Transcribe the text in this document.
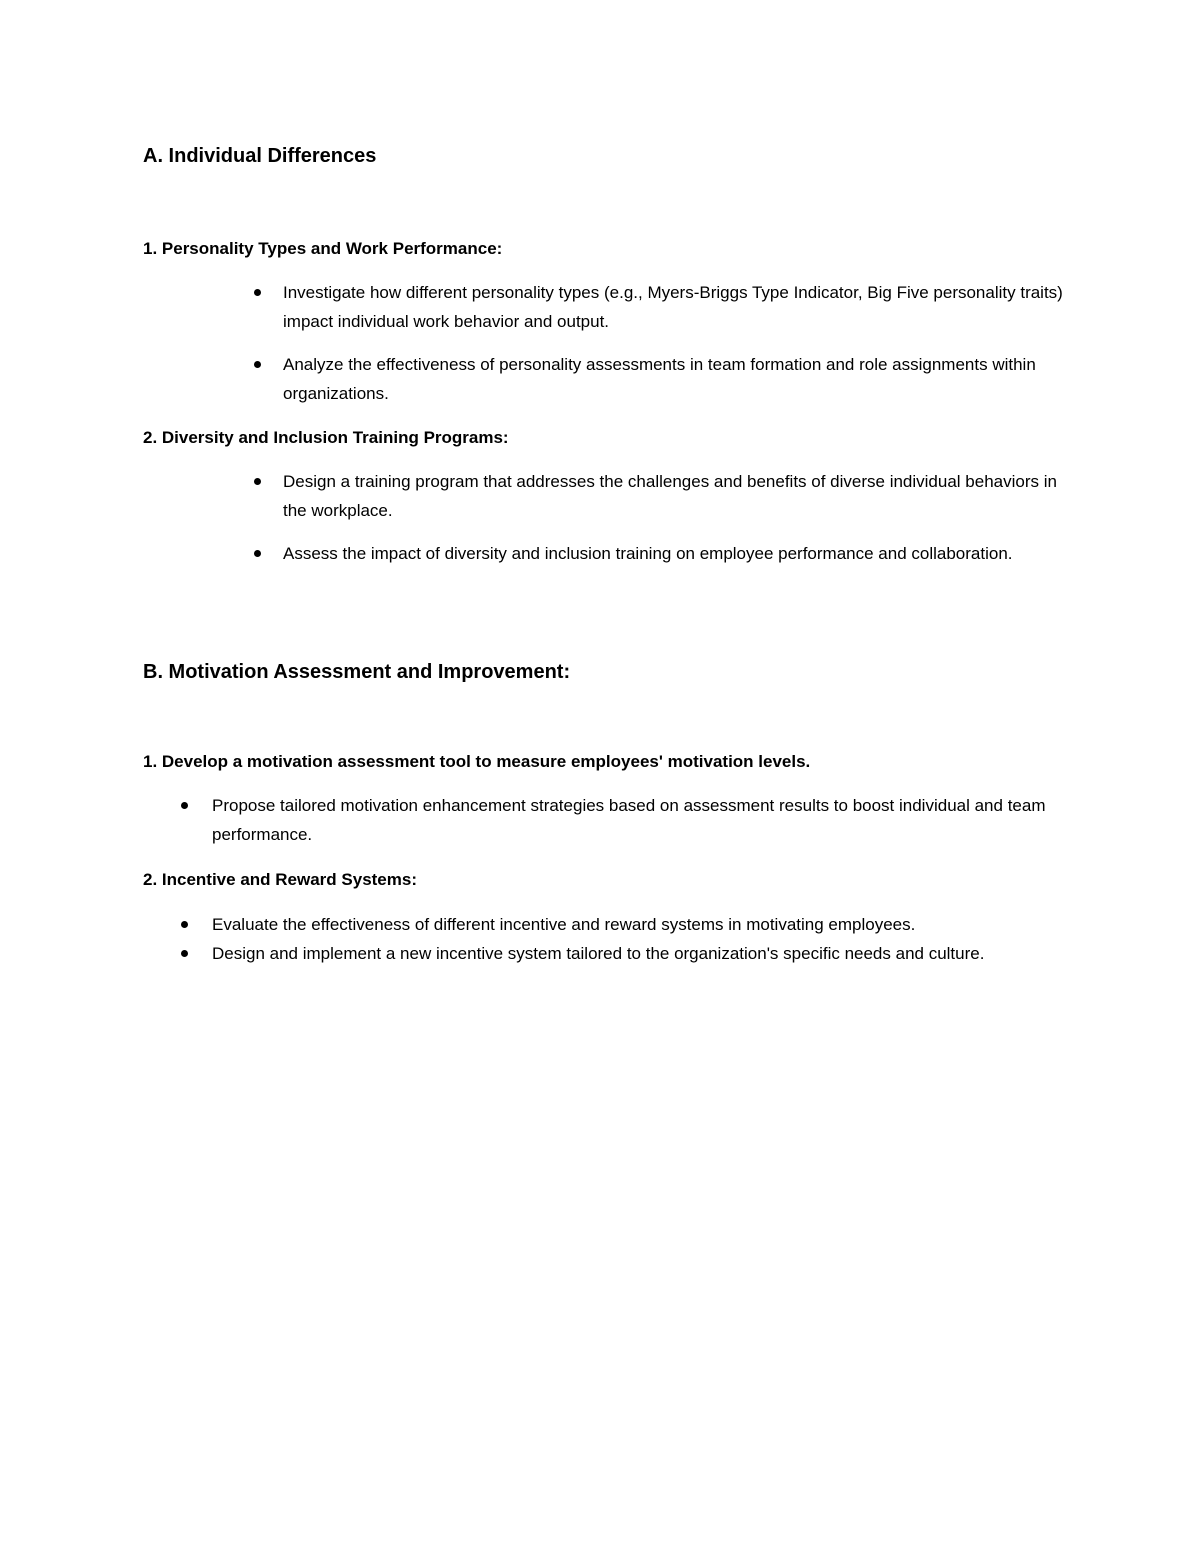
A. Individual Differences
1. Personality Types and Work Performance:
Investigate how different personality types (e.g., Myers-Briggs Type Indicator, Big Five personality traits) impact individual work behavior and output.
Analyze the effectiveness of personality assessments in team formation and role assignments within organizations.
2. Diversity and Inclusion Training Programs:
Design a training program that addresses the challenges and benefits of diverse individual behaviors in the workplace.
Assess the impact of diversity and inclusion training on employee performance and collaboration.
B. Motivation Assessment and Improvement:
1. Develop a motivation assessment tool to measure employees' motivation levels.
Propose tailored motivation enhancement strategies based on assessment results to boost individual and team performance.
2. Incentive and Reward Systems:
Evaluate the effectiveness of different incentive and reward systems in motivating employees.
Design and implement a new incentive system tailored to the organization's specific needs and culture.
